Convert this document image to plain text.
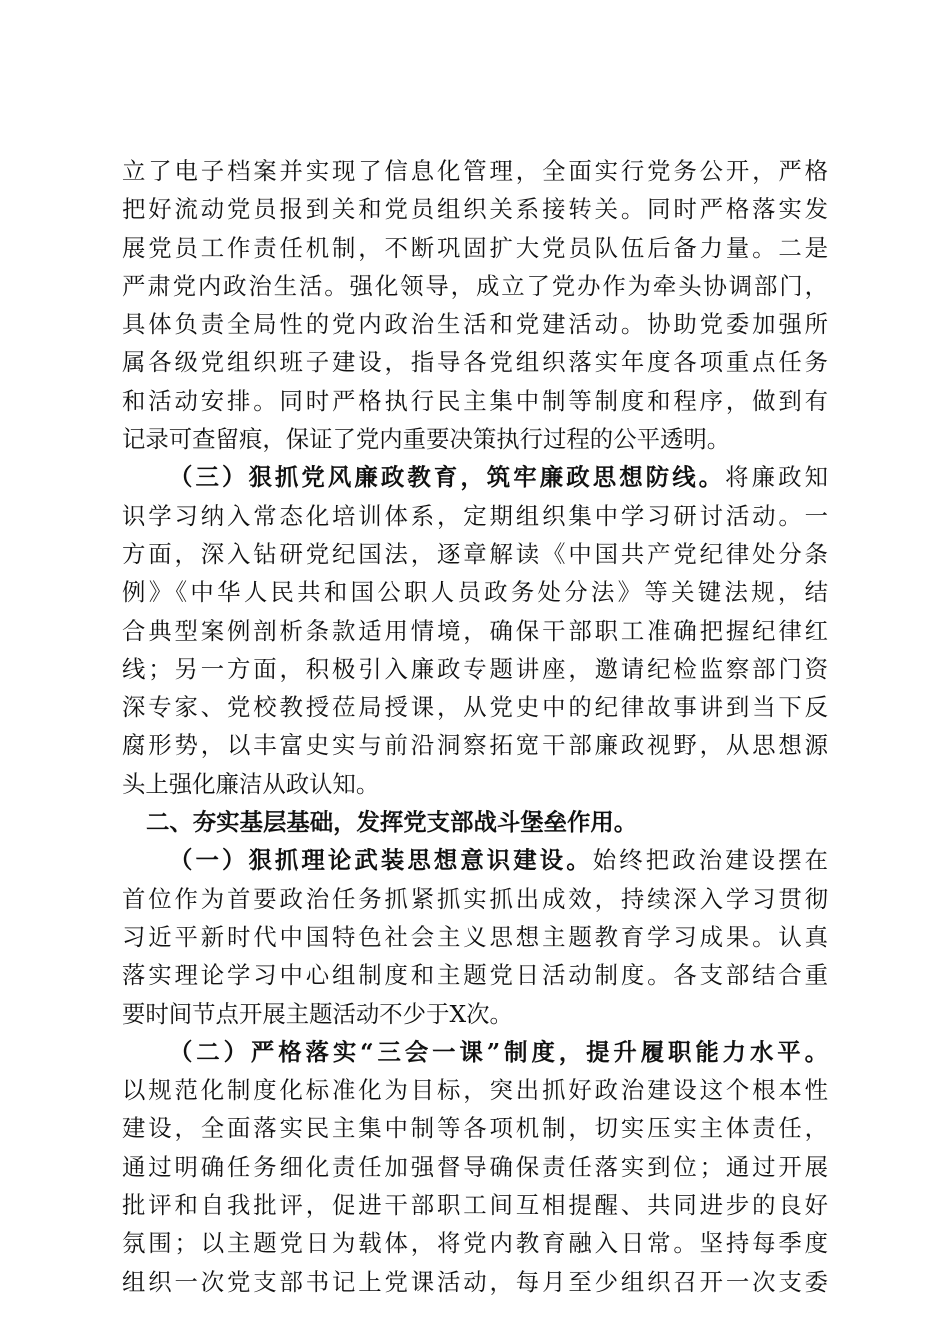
立了电子档案并实现了信息化管理，全面实行党务公开，严格
把好流动党员报到关和党员组织关系接转关。同时严格落实发
展党员工作责任机制，不断巩固扩大党员队伍后备力量。二是
严肃党内政治生活。强化领导，成立了党办作为牵头协调部门，
具体负责全局性的党内政治生活和党建活动。协助党委加强所
属各级党组织班子建设，指导各党组织落实年度各项重点任务
和活动安排。同时严格执行民主集中制等制度和程序，做到有
记录可查留痕，保证了党内重要决策执行过程的公平透明。
（三）狠抓党风廉政教育，筑牢廉政思想防线。将廉政知
识学习纳入常态化培训体系，定期组织集中学习研讨活动。一
方面，深入钻研党纪国法，逐章解读《中国共产党纪律处分条
例》《中华人民共和国公职人员政务处分法》等关键法规，结
合典型案例剖析条款适用情境，确保干部职工准确把握纪律红
线；另一方面，积极引入廉政专题讲座，邀请纪检监察部门资
深专家、党校教授莅局授课，从党史中的纪律故事讲到当下反
腐形势，以丰富史实与前沿洞察拓宽干部廉政视野，从思想源
头上强化廉洁从政认知。
二、夯实基层基础，发挥党支部战斗堡垒作用。
（一）狠抓理论武装思想意识建设。始终把政治建设摆在
首位作为首要政治任务抓紧抓实抓出成效，持续深入学习贯彻
习近平新时代中国特色社会主义思想主题教育学习成果。认真
落实理论学习中心组制度和主题党日活动制度。各支部结合重
要时间节点开展主题活动不少于X次。
（二）严格落实“三会一课”制度，提升履职能力水平。
以规范化制度化标准化为目标，突出抓好政治建设这个根本性
建设，全面落实民主集中制等各项机制，切实压实主体责任，
通过明确任务细化责任加强督导确保责任落实到位；通过开展
批评和自我批评，促进干部职工间互相提醒、共同进步的良好
氛围；以主题党日为载体，将党内教育融入日常。坚持每季度
组织一次党支部书记上党课活动，每月至少组织召开一次支委
